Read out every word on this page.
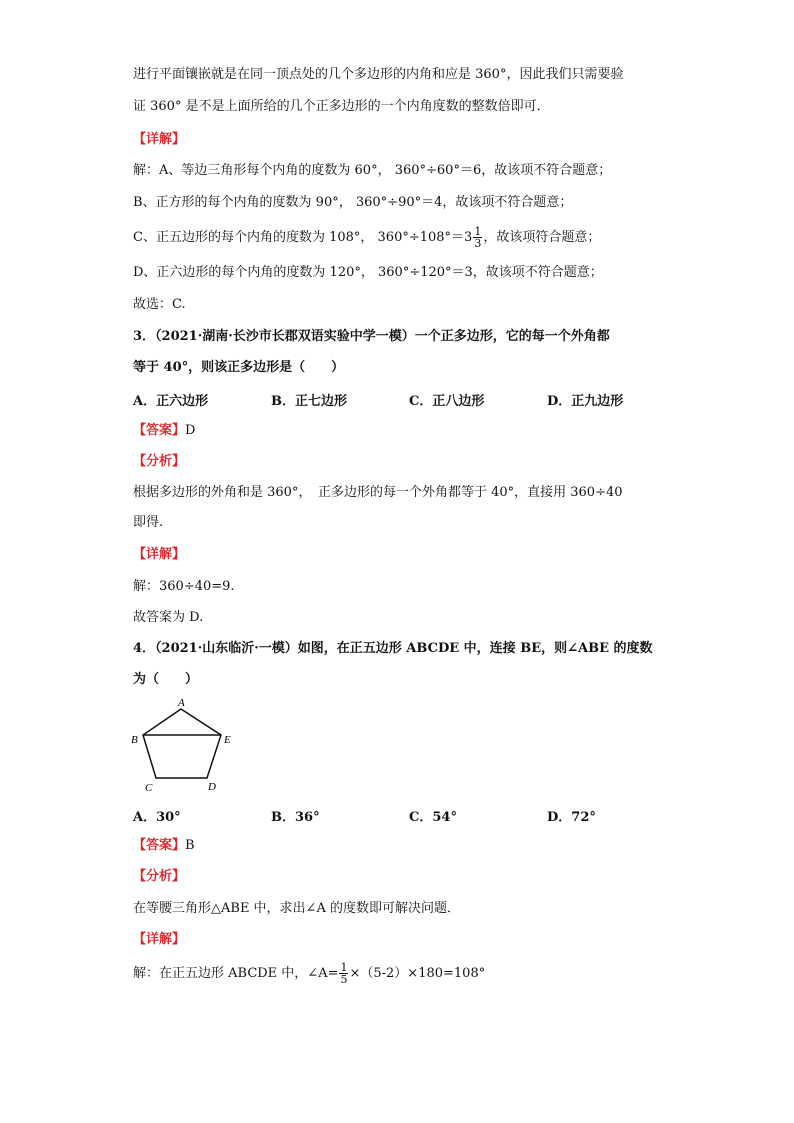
进行平面镶嵌就是在同一顶点处的几个多边形的内角和应是 360°，因此我们只需要验
证 360° 是不是上面所给的几个正多边形的一个内角度数的整数倍即可．
【详解】
解：A、等边三角形每个内角的度数为 60°， 360°÷60°＝6，故该项不符合题意；
B、正方形的每个内角的度数为 90°， 360°÷90°＝4，故该项不符合题意；
C、正五边形的每个内角的度数为 108°， $360^\circ\div 108^\circ=3 \frac{1}{3}$ ，故该项符合题意；
D、正六边形的每个内角的度数为 120°， 360°÷120°＝3，故该项不符合题意；
故选：C.
3．（2021·湖南·长沙市长郡双语实验中学一模）一个正多边形，它的每一个外角都
等于 40°，则该正多边形是（　　）
A．正六边形	B．正七边形	C．正八边形	D．正九边形
【答案】D
【分析】
根据多边形的外角和是 360°，　正多边形的每一个外角都等于 40°，直接用 360÷40
即得.
【详解】
解：360÷40=9.
故答案为 D.
4．（2021·山东临沂·一模）如图，在正五边形 ABCDE 中，连接 BE，则∠ABE 的度数
为（　　）
A
B
C	D
E
A．30°	B．36°	C．54°	D．72°
【答案】B
【分析】
在等腰三角形△ABE 中，求出∠A 的度数即可解决问题．
【详解】
解：在正五边形 ABCDE 中，∠A= $\frac{1}{5} \times(5-2)\times 180=108^\circ$
